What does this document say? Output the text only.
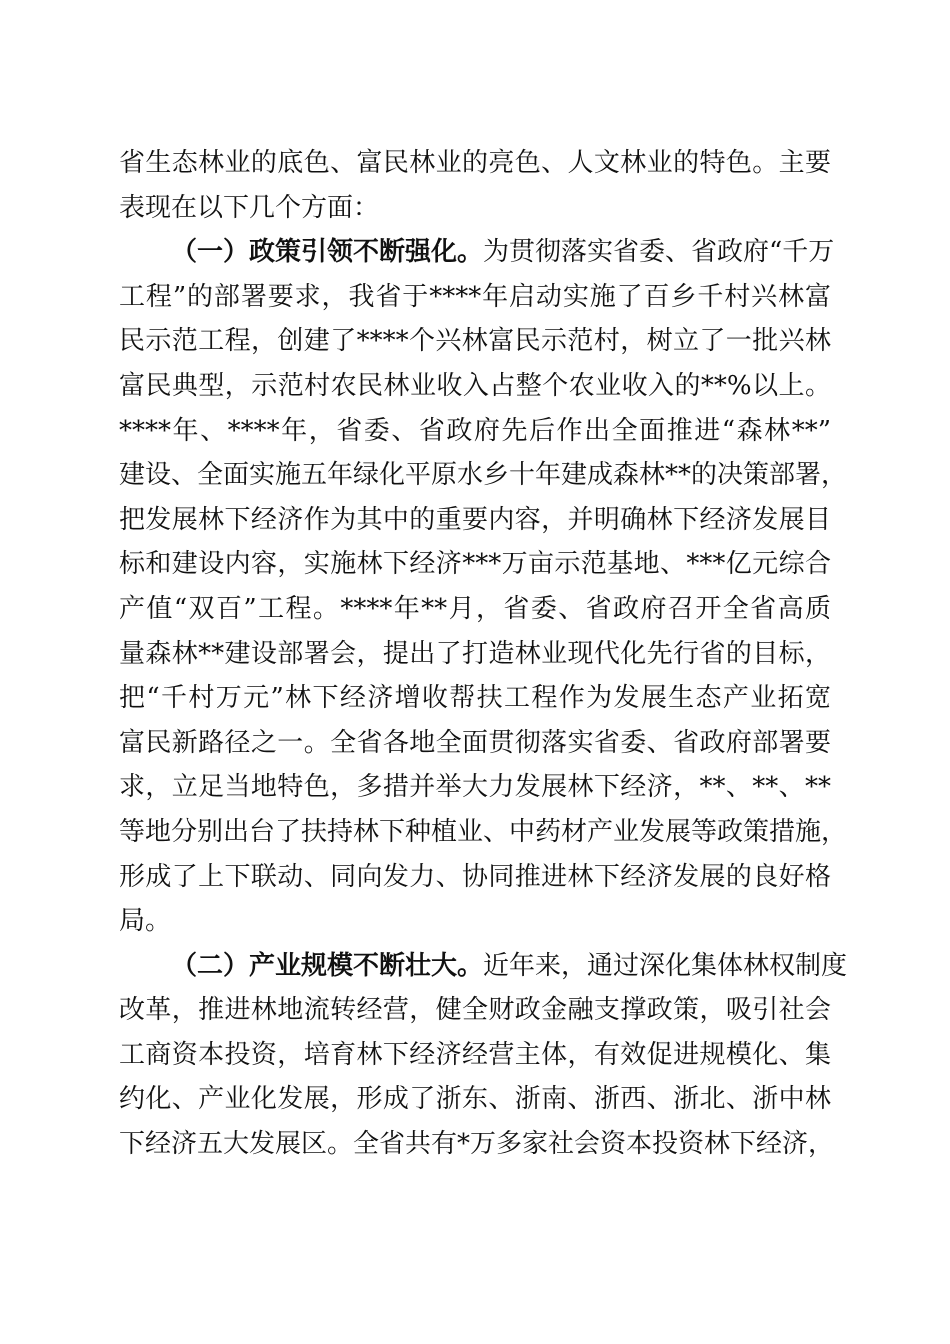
省生态林业的底色、富民林业的亮色、人文林业的特色。主要
表现在以下几个方面：
（一）政策引领不断强化。为贯彻落实省委、省政府“千万
工程”的部署要求，我省于****年启动实施了百乡千村兴林富
民示范工程，创建了****个兴林富民示范村，树立了一批兴林
富民典型，示范村农民林业收入占整个农业收入的**%以上。
****年、****年，省委、省政府先后作出全面推进“森林**”
建设、全面实施五年绿化平原水乡十年建成森林**的决策部署，
把发展林下经济作为其中的重要内容，并明确林下经济发展目
标和建设内容，实施林下经济***万亩示范基地、***亿元综合
产值“双百”工程。****年**月，省委、省政府召开全省高质
量森林**建设部署会，提出了打造林业现代化先行省的目标，
把“千村万元”林下经济增收帮扶工程作为发展生态产业拓宽
富民新路径之一。全省各地全面贯彻落实省委、省政府部署要
求，立足当地特色，多措并举大力发展林下经济，**、**、**
等地分别出台了扶持林下种植业、中药材产业发展等政策措施，
形成了上下联动、同向发力、协同推进林下经济发展的良好格
局。
（二）产业规模不断壮大。近年来，通过深化集体林权制度
改革，推进林地流转经营，健全财政金融支撑政策，吸引社会
工商资本投资，培育林下经济经营主体，有效促进规模化、集
约化、产业化发展，形成了浙东、浙南、浙西、浙北、浙中林
下经济五大发展区。全省共有*万多家社会资本投资林下经济，
